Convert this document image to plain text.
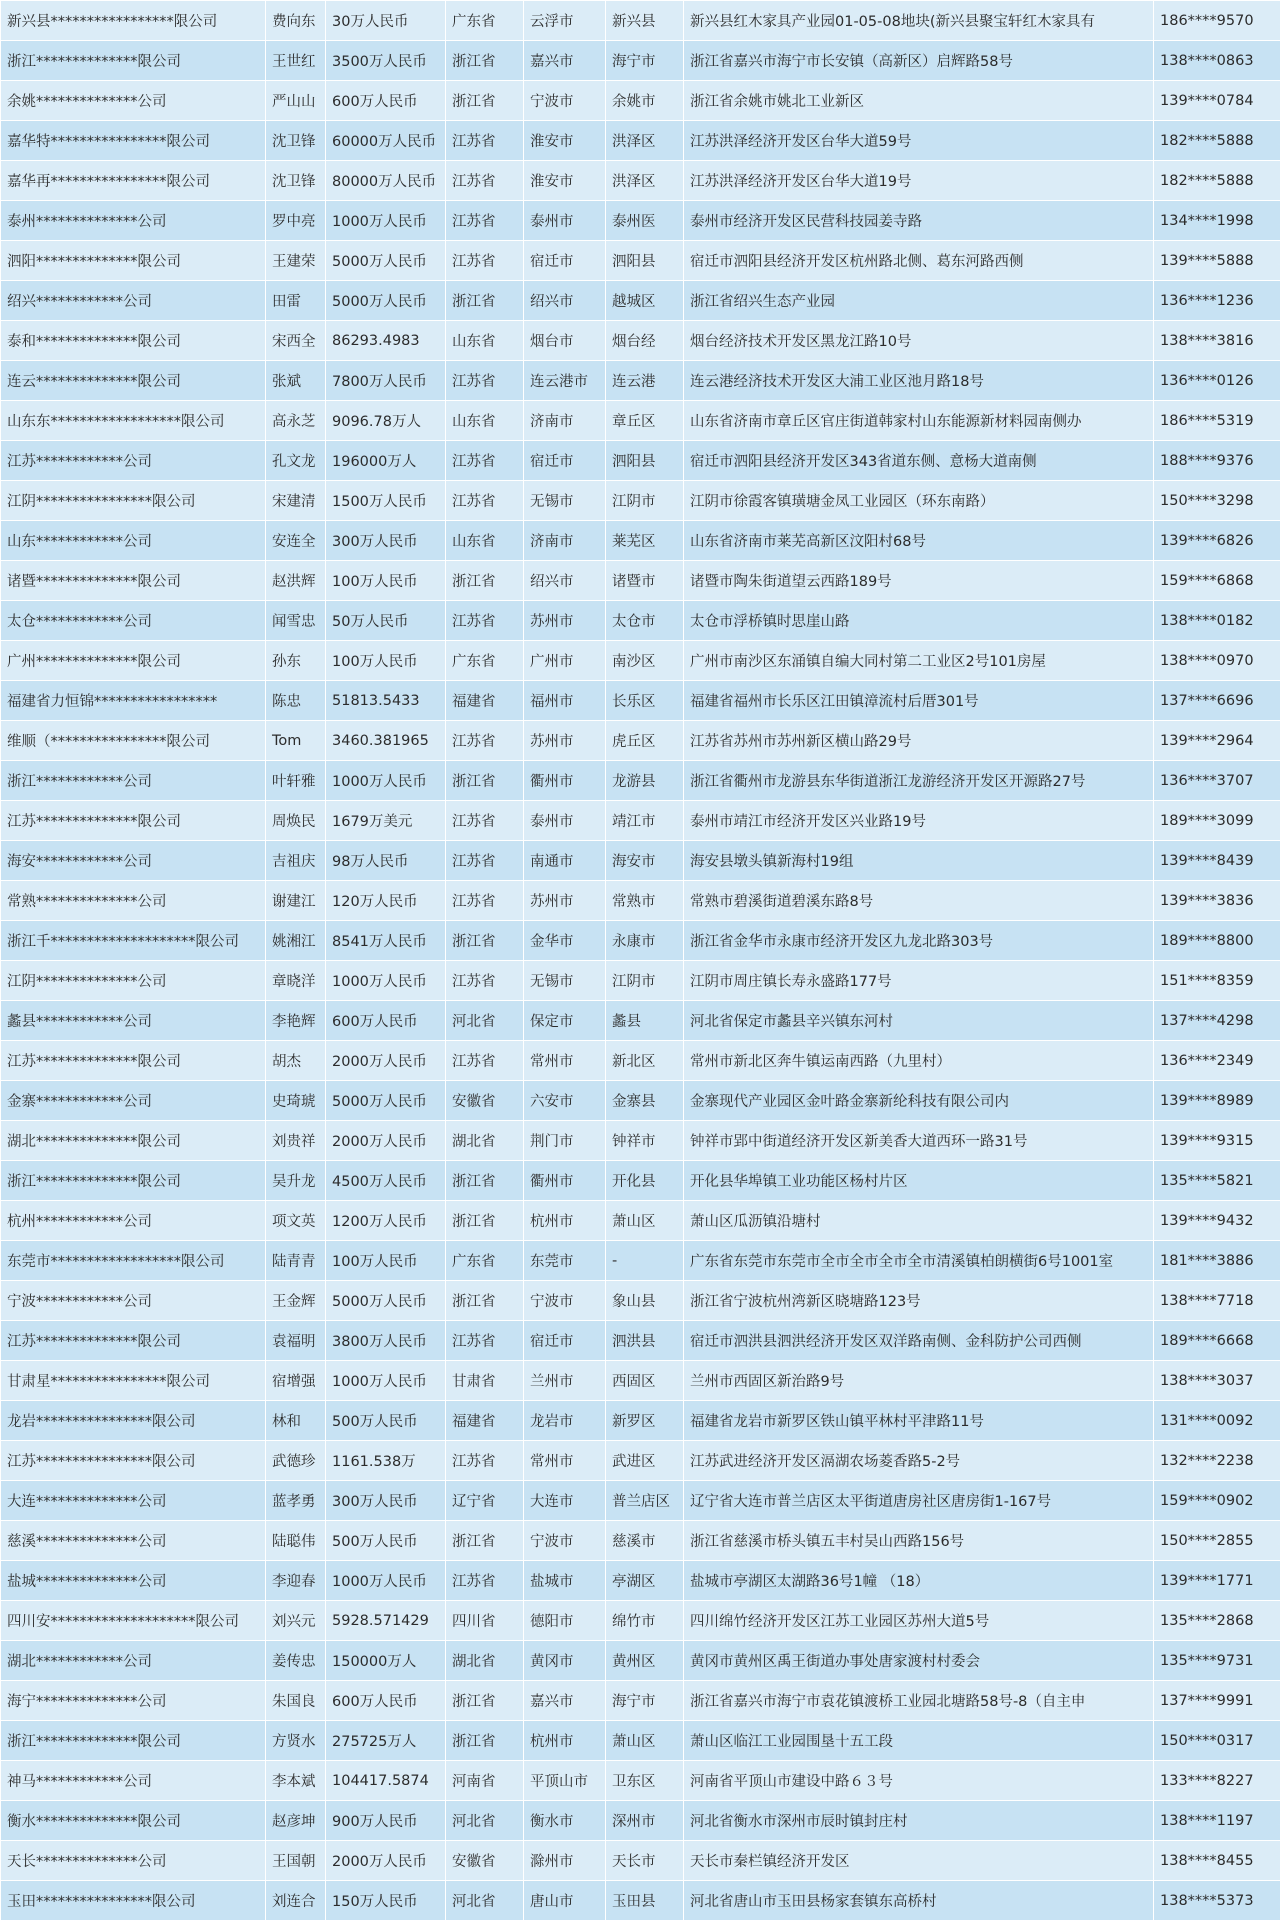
新兴县*****************限公司	费向东	30万人民币	广东省	云浮市	新兴县	新兴县红木家具产业园01-05-08地块(新兴县聚宝轩红木家具有	186****9570
浙江**************限公司	王世红	3500万人民币	浙江省	嘉兴市	海宁市	浙江省嘉兴市海宁市长安镇（高新区）启辉路58号	138****0863
余姚**************公司	严山山	600万人民币	浙江省	宁波市	余姚市	浙江省余姚市姚北工业新区	139****0784
嘉华特****************限公司	沈卫锋	60000万人民币	江苏省	淮安市	洪泽区	江苏洪泽经济开发区台华大道59号	182****5888
嘉华再****************限公司	沈卫锋	80000万人民币	江苏省	淮安市	洪泽区	江苏洪泽经济开发区台华大道19号	182****5888
泰州**************公司	罗中亮	1000万人民币	江苏省	泰州市	泰州医	泰州市经济开发区民营科技园姜寺路	134****1998
泗阳**************限公司	王建荣	5000万人民币	江苏省	宿迁市	泗阳县	宿迁市泗阳县经济开发区杭州路北侧、葛东河路西侧	139****5888
绍兴************公司	田雷	5000万人民币	浙江省	绍兴市	越城区	浙江省绍兴生态产业园	136****1236
泰和**************限公司	宋西全	86293.4983	山东省	烟台市	烟台经	烟台经济技术开发区黑龙江路10号	138****3816
连云**************限公司	张斌	7800万人民币	江苏省	连云港市	连云港	连云港经济技术开发区大浦工业区池月路18号	136****0126
山东东******************限公司	高永芝	9096.78万人	山东省	济南市	章丘区	山东省济南市章丘区官庄街道韩家村山东能源新材料园南侧办	186****5319
江苏************公司	孔文龙	196000万人	江苏省	宿迁市	泗阳县	宿迁市泗阳县经济开发区343省道东侧、意杨大道南侧	188****9376
江阴****************限公司	宋建清	1500万人民币	江苏省	无锡市	江阴市	江阴市徐霞客镇璜塘金凤工业园区（环东南路）	150****3298
山东************公司	安连全	300万人民币	山东省	济南市	莱芜区	山东省济南市莱芜高新区汶阳村68号	139****6826
诸暨**************限公司	赵洪辉	100万人民币	浙江省	绍兴市	诸暨市	诸暨市陶朱街道望云西路189号	159****6868
太仓************公司	闻雪忠	50万人民币	江苏省	苏州市	太仓市	太仓市浮桥镇时思崖山路	138****0182
广州**************限公司	孙东	100万人民币	广东省	广州市	南沙区	广州市南沙区东涌镇自编大同村第二工业区2号101房屋	138****0970
福建省力恒锦*****************	陈忠	51813.5433	福建省	福州市	长乐区	福建省福州市长乐区江田镇漳流村后厝301号	137****6696
维顺（****************限公司	Tom	3460.381965	江苏省	苏州市	虎丘区	江苏省苏州市苏州新区横山路29号	139****2964
浙江************公司	叶轩雅	1000万人民币	浙江省	衢州市	龙游县	浙江省衢州市龙游县东华街道浙江龙游经济开发区开源路27号	136****3707
江苏**************限公司	周焕民	1679万美元	江苏省	泰州市	靖江市	泰州市靖江市经济开发区兴业路19号	189****3099
海安************公司	吉祖庆	98万人民币	江苏省	南通市	海安市	海安县墩头镇新海村19组	139****8439
常熟**************公司	谢建江	120万人民币	江苏省	苏州市	常熟市	常熟市碧溪街道碧溪东路8号	139****3836
浙江千********************限公司	姚湘江	8541万人民币	浙江省	金华市	永康市	浙江省金华市永康市经济开发区九龙北路303号	189****8800
江阴**************公司	章晓洋	1000万人民币	江苏省	无锡市	江阴市	江阴市周庄镇长寿永盛路177号	151****8359
蠡县************公司	李艳辉	600万人民币	河北省	保定市	蠡县	河北省保定市蠡县辛兴镇东河村	137****4298
江苏**************限公司	胡杰	2000万人民币	江苏省	常州市	新北区	常州市新北区奔牛镇运南西路（九里村）	136****2349
金寨************公司	史琦琥	5000万人民币	安徽省	六安市	金寨县	金寨现代产业园区金叶路金寨新纶科技有限公司内	139****8989
湖北**************限公司	刘贵祥	2000万人民币	湖北省	荆门市	钟祥市	钟祥市郢中街道经济开发区新美香大道西环一路31号	139****9315
浙江**************限公司	吴升龙	4500万人民币	浙江省	衢州市	开化县	开化县华埠镇工业功能区杨村片区	135****5821
杭州************公司	项文英	1200万人民币	浙江省	杭州市	萧山区	萧山区瓜沥镇沿塘村	139****9432
东莞市******************限公司	陆青青	100万人民币	广东省	东莞市	-	广东省东莞市东莞市全市全市全市全市清溪镇柏朗横街6号1001室	181****3886
宁波************公司	王金辉	5000万人民币	浙江省	宁波市	象山县	浙江省宁波杭州湾新区晓塘路123号	138****7718
江苏**************限公司	袁福明	3800万人民币	江苏省	宿迁市	泗洪县	宿迁市泗洪县泗洪经济开发区双洋路南侧、金科防护公司西侧	189****6668
甘肃星****************限公司	宿增强	1000万人民币	甘肃省	兰州市	西固区	兰州市西固区新治路9号	138****3037
龙岩****************限公司	林和	500万人民币	福建省	龙岩市	新罗区	福建省龙岩市新罗区铁山镇平林村平津路11号	131****0092
江苏****************限公司	武德珍	1161.538万	江苏省	常州市	武进区	江苏武进经济开发区滆湖农场菱香路5-2号	132****2238
大连**************公司	蓝孝勇	300万人民币	辽宁省	大连市	普兰店区	辽宁省大连市普兰店区太平街道唐房社区唐房街1-167号	159****0902
慈溪**************公司	陆聪伟	500万人民币	浙江省	宁波市	慈溪市	浙江省慈溪市桥头镇五丰村吴山西路156号	150****2855
盐城**************公司	李迎春	1000万人民币	江苏省	盐城市	亭湖区	盐城市亭湖区太湖路36号1幢 （18）	139****1771
四川安********************限公司	刘兴元	5928.571429	四川省	德阳市	绵竹市	四川绵竹经济开发区江苏工业园区苏州大道5号	135****2868
湖北************公司	姜传忠	150000万人	湖北省	黄冈市	黄州区	黄冈市黄州区禹王街道办事处唐家渡村村委会	135****9731
海宁**************公司	朱国良	600万人民币	浙江省	嘉兴市	海宁市	浙江省嘉兴市海宁市袁花镇渡桥工业园北塘路58号-8（自主申	137****9991
浙江**************限公司	方贤水	275725万人	浙江省	杭州市	萧山区	萧山区临江工业园围垦十五工段	150****0317
神马************公司	李本斌	104417.5874	河南省	平顶山市	卫东区	河南省平顶山市建设中路６３号	133****8227
衡水**************限公司	赵彦坤	900万人民币	河北省	衡水市	深州市	河北省衡水市深州市辰时镇封庄村	138****1197
天长**************公司	王国朝	2000万人民币	安徽省	滁州市	天长市	天长市秦栏镇经济开发区	138****8455
玉田****************限公司	刘连合	150万人民币	河北省	唐山市	玉田县	河北省唐山市玉田县杨家套镇东高桥村	138****5373
